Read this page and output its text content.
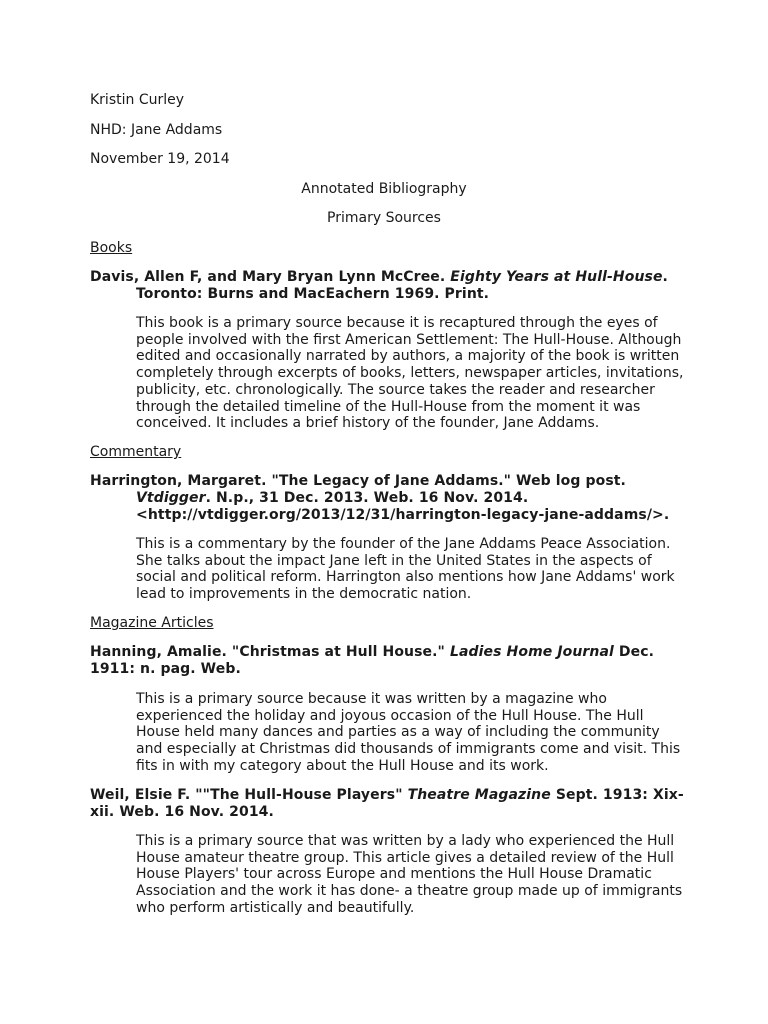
Kristin Curley
NHD: Jane Addams
November 19, 2014
Annotated Bibliography
Primary Sources
Books
Davis, Allen F, and Mary Bryan Lynn McCree. Eighty Years at Hull-House.
Toronto: Burns and MacEachern 1969. Print.
This book is a primary source because it is recaptured through the eyes of
people involved with the first American Settlement: The Hull-House. Although
edited and occasionally narrated by authors, a majority of the book is written
completely through excerpts of books, letters, newspaper articles, invitations,
publicity, etc. chronologically. The source takes the reader and researcher
through the detailed timeline of the Hull-House from the moment it was
conceived. It includes a brief history of the founder, Jane Addams.
Commentary
Harrington, Margaret. "The Legacy of Jane Addams." Web log post.
Vtdigger. N.p., 31 Dec. 2013. Web. 16 Nov. 2014.
<http://vtdigger.org/2013/12/31/harrington-legacy-jane-addams/>.
This is a commentary by the founder of the Jane Addams Peace Association.
She talks about the impact Jane left in the United States in the aspects of
social and political reform. Harrington also mentions how Jane Addams' work
lead to improvements in the democratic nation.
Magazine Articles
Hanning, Amalie. "Christmas at Hull House." Ladies Home Journal Dec.
1911: n. pag. Web.
This is a primary source because it was written by a magazine who
experienced the holiday and joyous occasion of the Hull House. The Hull
House held many dances and parties as a way of including the community
and especially at Christmas did thousands of immigrants come and visit. This
fits in with my category about the Hull House and its work.
Weil, Elsie F. ""The Hull-House Players" Theatre Magazine Sept. 1913: Xix-
xii. Web. 16 Nov. 2014.
This is a primary source that was written by a lady who experienced the Hull
House amateur theatre group. This article gives a detailed review of the Hull
House Players' tour across Europe and mentions the Hull House Dramatic
Association and the work it has done- a theatre group made up of immigrants
who perform artistically and beautifully.
